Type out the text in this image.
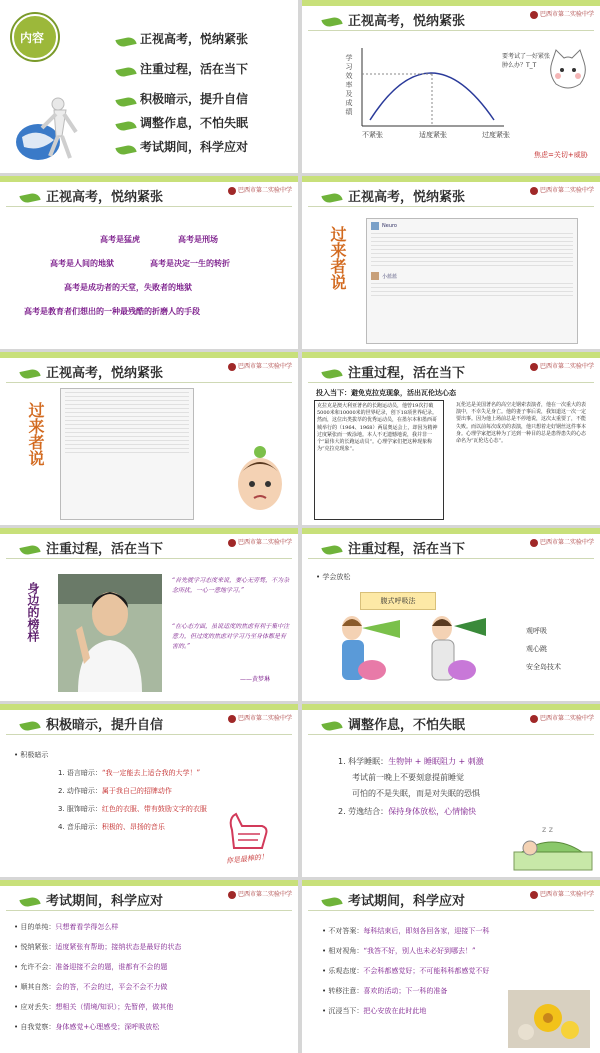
内容	正视高考，悦纳紧张
注重过程，活在当下
积极暗示，提升自信
调整作息，不怕失眠
考试期间，科学应对
正视高考，悦纳紧张	巴西市第二实验中学
学习效率及成绩
不紧张	适度紧张	过度紧张
要考试了一好紧张肿么办？T_T
焦虑=关切+威胁
正视高考，悦纳紧张	巴西市第二实验中学
高考是猛虎	高考是刑场
高考是人间的地狱	高考是决定一生的转折
高考是成功者的天堂，失败者的地狱
高考是教育者们想出的一种最残酷的折磨人的手段
正视高考，悦纳紧张	巴西市第二实验中学
过来者说	Neuro
小蓝蓝
正视高考，悦纳紧张	巴西市第二实验中学
过来者说
注重过程，活在当下	巴西市第二实验中学
投入当下：避免克拉克现象，活出瓦伦达心态
克拉克是澳大利亚著名的长跑运动员，他曾19次打破5000米和10000米的世界纪录，创下18项世界纪录。然而，这位出类拔萃的优秀运动员，在墨尔本和墨西哥城举行的（1964、1968）两届奥运会上，却因为精神过度紧张而一败涂地。本人不无遗憾地说，我并非一个“最伟大的长跑运动员”。心理学家们把这种现象称为“克拉克现象”。
瓦伦达是美国著名的高空走钢索表演者，他在一次重大的表演中，不幸失足身亡。他的妻子事后说，我知道这一次一定要出事。因为他上场前总是不停地说，这次太重要了，不能失败。而以前每次成功的表演，他只想着走好钢丝这件事本身。心理学家把这种为了达到一种目的总是患得患失的心态命名为“瓦伦达心态”。
注重过程，活在当下	巴西市第二实验中学
身边的榜样
“首先就学习态度来说，要心无旁骛，不为杂念所扰，一心一意地学习。”
“在心态方面，虽说适度的焦虑有利于集中注意力，但过度的焦虑对学习乃至身体都是有害的。”
——黄梦琳
注重过程，活在当下	巴西市第二实验中学
• 学会放松
腹式呼吸法
观呼吸
观心跳
安全岛技术
积极暗示，提升自信	巴西市第二实验中学
• 积极暗示
1. 语言暗示：“我一定能去上适合我的大学！”
2. 动作暗示：属于我自己的招牌动作
3. 服饰暗示：红色的衣服、带有鼓励文字的衣服
4. 音乐暗示：积极的、昂扬的音乐
你是最棒的！
调整作息，不怕失眠	巴西市第二实验中学
1. 科学睡眠：生物钟 + 睡眠阻力 + 刺激
考试前一晚上不要刻意提前睡觉
可怕的不是失眠，而是对失眠的恐惧
2. 劳逸结合：保持身体放松，心情愉快
z z
考试期间，科学应对	巴西市第二实验中学
• 目的单纯：只想着看学得怎么样
• 悦纳紧张：适度紧张有帮助；接纳状态是最好的状态
• 允许不会：准备迎接不会的题，谁都有不会的题
• 顺其自然：会的答，不会的过，平会不会不力做
• 应对丢失：想相关（情境/知识）；先暂停，做其他
• 自我觉察：身体感觉+心理感受；深呼吸放松
考试期间，科学应对	巴西市第二实验中学
• 不对答案：每科结束后，即刻各回各家，迎接下一科
• 相对视角：“我答不好，别人也未必好到哪去！”
• 乐观态度：不会科都感觉好；不可能科科都感觉不好
• 转移注意：喜欢的活动；下一科的准备
• 沉浸当下：把心安放在此时此地
